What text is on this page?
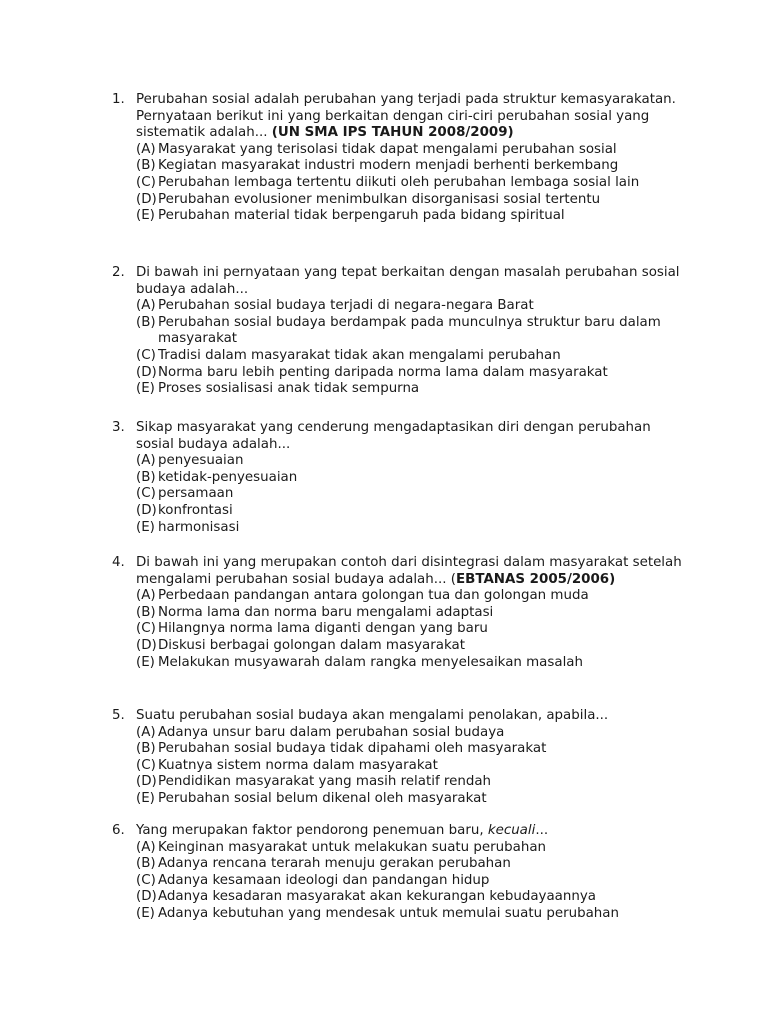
1. Perubahan sosial adalah perubahan yang terjadi pada struktur kemasyarakatan. Pernyataan berikut ini yang berkaitan dengan ciri-ciri perubahan sosial yang sistematik adalah... (UN SMA IPS TAHUN 2008/2009)
(A) Masyarakat yang terisolasi tidak dapat mengalami perubahan sosial
(B) Kegiatan masyarakat industri modern menjadi berhenti berkembang
(C) Perubahan lembaga tertentu diikuti oleh perubahan lembaga sosial lain
(D) Perubahan evolusioner menimbulkan disorganisasi sosial tertentu
(E) Perubahan material tidak berpengaruh pada bidang spiritual
2. Di bawah ini pernyataan yang tepat berkaitan dengan masalah perubahan sosial budaya adalah...
(A) Perubahan sosial budaya terjadi di negara-negara Barat
(B) Perubahan sosial budaya berdampak pada munculnya struktur baru dalam masyarakat
(C) Tradisi dalam masyarakat tidak akan mengalami perubahan
(D) Norma baru lebih penting daripada norma lama dalam masyarakat
(E) Proses sosialisasi anak tidak sempurna
3. Sikap masyarakat yang cenderung mengadaptasikan diri dengan perubahan sosial budaya adalah...
(A) penyesuaian
(B) ketidak-penyesuaian
(C) persamaan
(D) konfrontasi
(E) harmonisasi
4. Di bawah ini yang merupakan contoh dari disintegrasi dalam masyarakat setelah mengalami perubahan sosial budaya adalah... (EBTANAS 2005/2006)
(A) Perbedaan pandangan antara golongan tua dan golongan muda
(B) Norma lama dan norma baru mengalami adaptasi
(C) Hilangnya norma lama diganti dengan yang baru
(D) Diskusi berbagai golongan dalam masyarakat
(E) Melakukan musyawarah dalam rangka menyelesaikan masalah
5. Suatu perubahan sosial budaya akan mengalami penolakan, apabila...
(A) Adanya unsur baru dalam perubahan sosial budaya
(B) Perubahan sosial budaya tidak dipahami oleh masyarakat
(C) Kuatnya sistem norma dalam masyarakat
(D) Pendidikan masyarakat yang masih relatif rendah
(E) Perubahan sosial belum dikenal oleh masyarakat
6. Yang merupakan faktor pendorong penemuan baru, kecuali...
(A) Keinginan masyarakat untuk melakukan suatu perubahan
(B) Adanya rencana terarah menuju gerakan perubahan
(C) Adanya kesamaan ideologi dan pandangan hidup
(D) Adanya kesadaran masyarakat akan kekurangan kebudayaannya
(E) Adanya kebutuhan yang mendesak untuk memulai suatu perubahan
